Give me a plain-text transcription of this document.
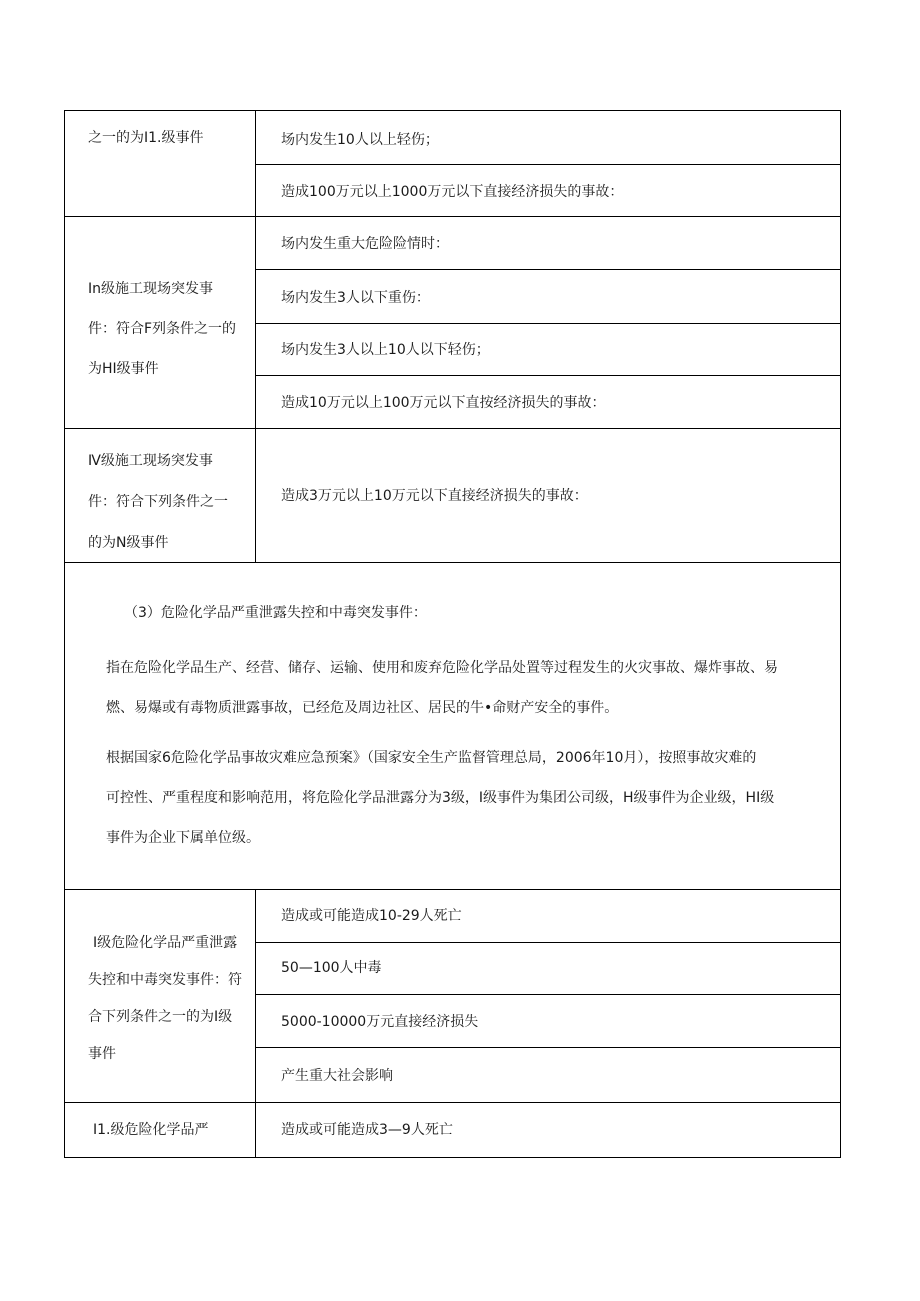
之一的为I1.级事件	场内发生10人以上轻伤；
造成100万元以上1000万元以下直接经济损失的事故：
In级施工现场突发事
件：符合F列条件之一的
为HI级事件
场内发生重大危险险情时：
场内发生3人以下重伤：
场内发生3人以上10人以下轻伤；
造成10万元以上100万元以下直按经济损失的事故：
Ⅳ级施工现场突发事
件：符合下列条件之一
的为N级事件
造成3万元以上10万元以下直接经济损失的事故：
（3）危险化学品严重泄露失控和中毒突发事件：
指在危险化学品生产、经营、储存、运输、使用和废弃危险化学品处置等过程发生的火灾事故、爆炸事故、易
燃、易爆或有毒物质泄露事故，已经危及周边社区、居民的牛•命财产安全的事件。
根据国家6危险化学品事故灾难应急预案》（国家安全生产监督管理总局，2006年10月），按照事故灾难的
可控性、严重程度和影响范用，将危险化学品泄露分为3级，I级事件为集团公司级，H级事件为企业级，HI级
事件为企业下属单位级。
I级危险化学品严重泄露
失控和中毒突发事件：符
合下列条件之一的为I级
事件
造成或可能造成10-29人死亡
50—100人中毒
5000-10000万元直接经济损失
产生重大社会影响
I1.级危险化学品严	造成或可能造成3—9人死亡
